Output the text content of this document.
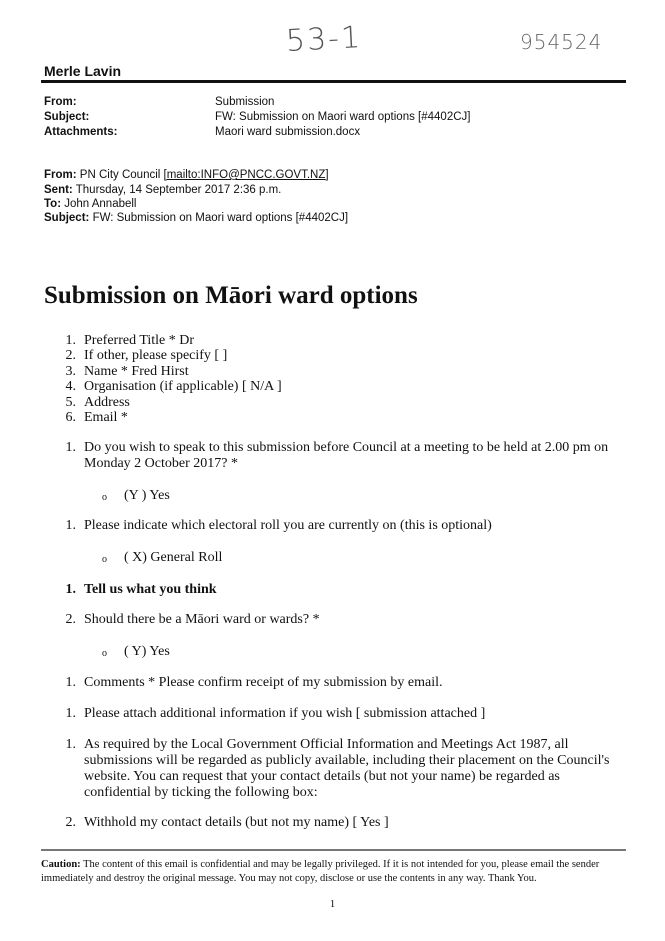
53-1	954524
Merle Lavin
From:	Submission
Subject:	FW: Submission on Maori ward options [#4402CJ]
Attachments:	Maori ward submission.docx
From: PN City Council [mailto:INFO@PNCC.GOVT.NZ]
Sent: Thursday, 14 September 2017 2:36 p.m.
To: John Annabell
Subject: FW: Submission on Maori ward options [#4402CJ]
Submission on Māori ward options
1. Preferred Title * Dr
2. If other, please specify [ ]
3. Name * Fred Hirst
4. Organisation (if applicable) [ N/A ]
5. Address
6. Email *
1. Do you wish to speak to this submission before Council at a meeting to be held at 2.00 pm on
Monday 2 October 2017? *
o (Y ) Yes
1. Please indicate which electoral roll you are currently on (this is optional)
o ( X) General Roll
1. Tell us what you think
2. Should there be a Māori ward or wards? *
o ( Y) Yes
1. Comments * Please confirm receipt of my submission by email.
1. Please attach additional information if you wish [ submission attached ]
1. As required by the Local Government Official Information and Meetings Act 1987, all submissions will be regarded as publicly available, including their placement on the Council's website. You can request that your contact details (but not your name) be regarded as confidential by ticking the following box:
2. Withhold my contact details (but not my name) [ Yes ]
Caution: The content of this email is confidential and may be legally privileged. If it is not intended for you, please email the sender immediately and destroy the original message. You may not copy, disclose or use the contents in any way. Thank You.
1
